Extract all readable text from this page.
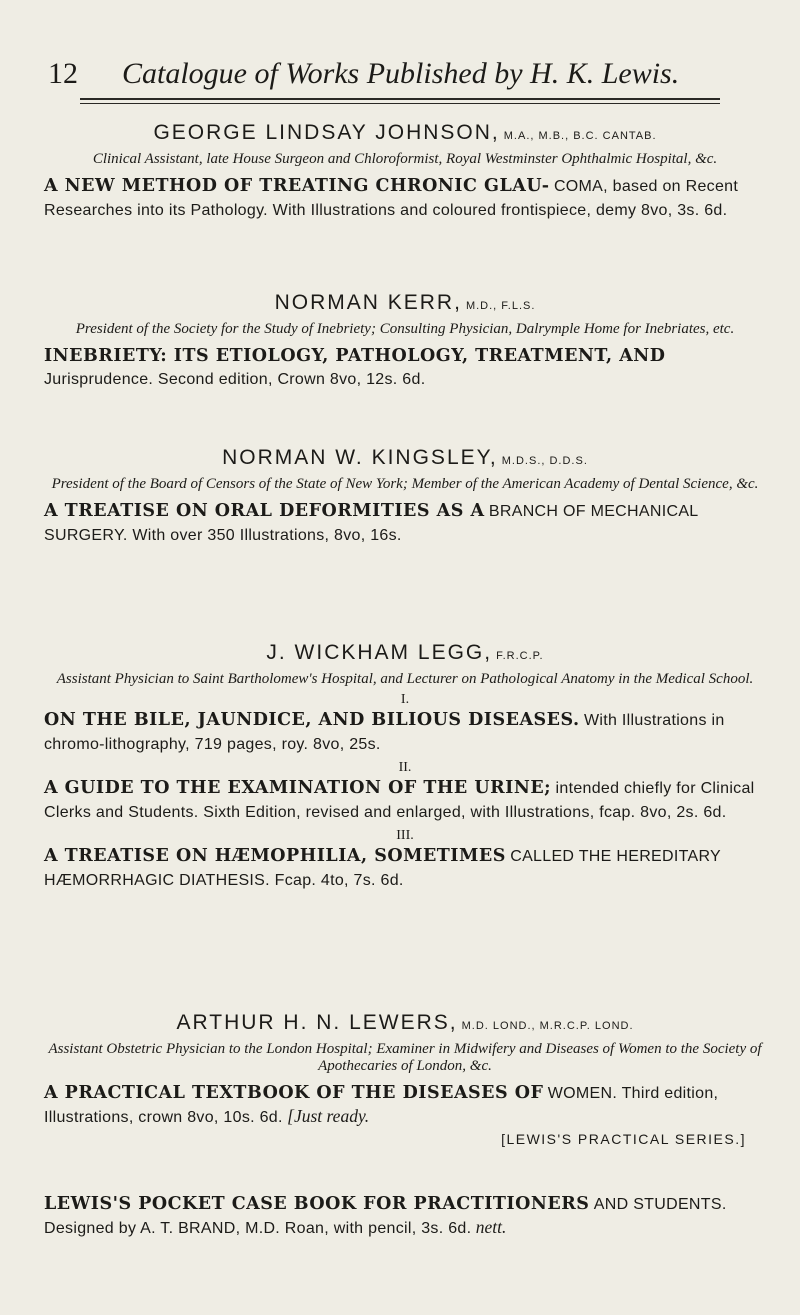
12 Catalogue of Works Published by H. K. Lewis.
GEORGE LINDSAY JOHNSON, M.A., M.B., B.C. CANTAB.
Clinical Assistant, late House Surgeon and Chloroformist, Royal Westminster Ophthalmic Hospital, &c.
A NEW METHOD OF TREATING CHRONIC GLAU- COMA, based on Recent Researches into its Pathology. With Illustrations and coloured frontispiece, demy 8vo, 3s. 6d.
NORMAN KERR, M.D., F.L.S.
President of the Society for the Study of Inebriety; Consulting Physician, Dalrymple Home for Inebriates, etc.
INEBRIETY: ITS ETIOLOGY, PATHOLOGY, TREATMENT, AND Jurisprudence. Second edition, Crown 8vo, 12s. 6d.
NORMAN W. KINGSLEY, M.D.S., D.D.S.
President of the Board of Censors of the State of New York; Member of the American Academy of Dental Science, &c.
A TREATISE ON ORAL DEFORMITIES AS A BRANCH OF MECHANICAL SURGERY. With over 350 Illustrations, 8vo, 16s.
J. WICKHAM LEGG, F.R.C.P.
Assistant Physician to Saint Bartholomew's Hospital, and Lecturer on Pathological Anatomy in the Medical School.
I.
ON THE BILE, JAUNDICE, AND BILIOUS DISEASES. With Illustrations in chromo-lithography, 719 pages, roy. 8vo, 25s.
II.
A GUIDE TO THE EXAMINATION OF THE URINE; intended chiefly for Clinical Clerks and Students. Sixth Edition, revised and enlarged, with Illustrations, fcap. 8vo, 2s. 6d.
III.
A TREATISE ON HÆMOPHILIA, SOMETIMES CALLED THE HEREDITARY HÆMORRHAGIC DIATHESIS. Fcap. 4to, 7s. 6d.
ARTHUR H. N. LEWERS, M.D. LOND., M.R.C.P. LOND.
Assistant Obstetric Physician to the London Hospital; Examiner in Midwifery and Diseases of Women to the Society of Apothecaries of London, &c.
A PRACTICAL TEXTBOOK OF THE DISEASES OF WOMEN. Third edition, Illustrations, crown 8vo, 10s. 6d. [Just ready.
[LEWIS'S PRACTICAL SERIES.]
LEWIS'S POCKET CASE BOOK FOR PRACTITIONERS AND STUDENTS. Designed by A. T. BRAND, M.D. Roan, with pencil, 3s. 6d. nett.
